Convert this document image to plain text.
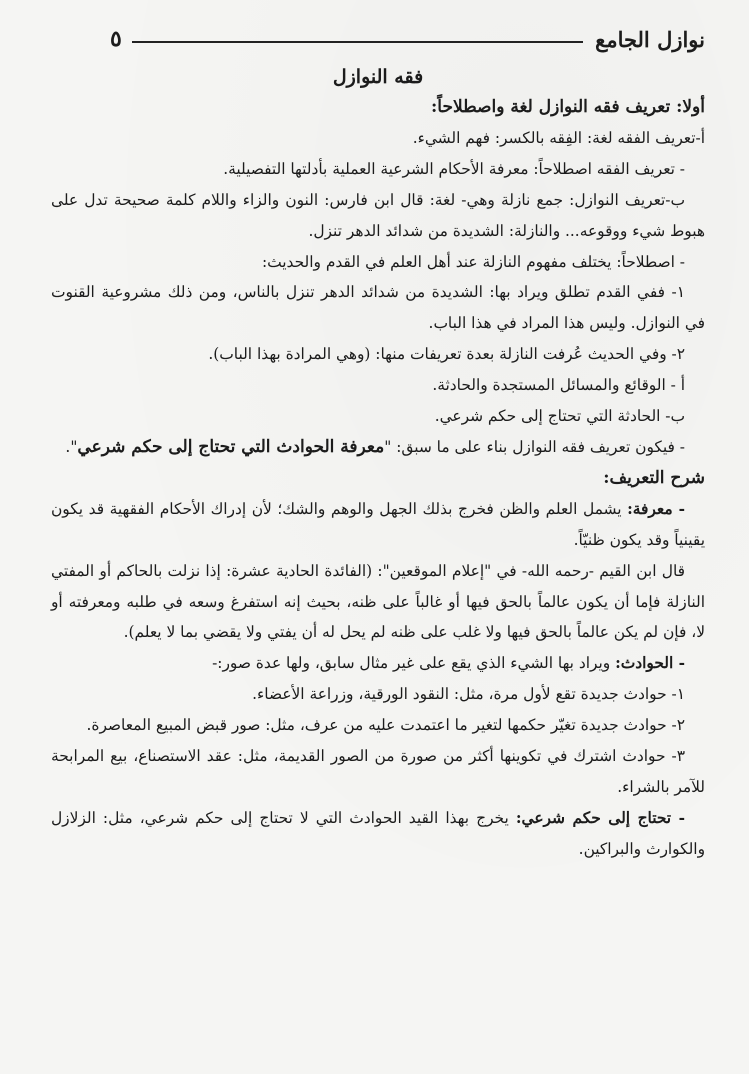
نوازل الجامع
٥

فقه النوازل

أولا: تعريف فقه النوازل لغة واصطلاحاً:

أ-تعريف الفقه لغة: الفِقه بالكسر: فهم الشيء.

- تعريف الفقه اصطلاحاً: معرفة الأحكام الشرعية العملية بأدلتها التفصيلية.

ب-تعريف النوازل: جمع نازلة وهي- لغة: قال ابن فارس: النون والزاء واللام كلمة صحيحة تدل على هبوط شيء ووقوعه... والنازلة: الشديدة من شدائد الدهر تنزل.

- اصطلاحاً: يختلف مفهوم النازلة عند أهل العلم في القدم والحديث:

١- ففي القدم تطلق ويراد بها: الشديدة من شدائد الدهر تنزل بالناس، ومن ذلك مشروعية القنوت في النوازل. وليس هذا المراد في هذا الباب.

٢- وفي الحديث عُرفت النازلة بعدة تعريفات منها: (وهي المرادة بهذا الباب).

أ - الوقائع والمسائل المستجدة والحادثة.

ب- الحادثة التي تحتاج إلى حكم شرعي.

- فيكون تعريف فقه النوازل بناء على ما سبق: "معرفة الحوادث التي تحتاج إلى حكم شرعي".

شرح التعريف:

- معرفة: يشمل العلم والظن فخرج بذلك الجهل والوهم والشك؛ لأن إدراك الأحكام الفقهية قد يكون يقينياً وقد يكون ظنيّاً.

قال ابن القيم -رحمه الله- في "إعلام الموقعين": (الفائدة الحادية عشرة: إذا نزلت بالحاكم أو المفتي النازلة فإما أن يكون عالماً بالحق فيها أو غالباً على ظنه، بحيث إنه استفرغ وسعه في طلبه ومعرفته أو لا، فإن لم يكن عالماً بالحق فيها ولا غلب على ظنه لم يحل له أن يفتي ولا يقضي بما لا يعلم).

- الحوادث: ويراد بها الشيء الذي يقع على غير مثال سابق، ولها عدة صور:-

١- حوادث جديدة تقع لأول مرة، مثل: النقود الورقية، وزراعة الأعضاء.

٢- حوادث جديدة تغيّر حكمها لتغير ما اعتمدت عليه من عرف، مثل: صور قبض المبيع المعاصرة.

٣- حوادث اشترك في تكوينها أكثر من صورة من الصور القديمة، مثل: عقد الاستصناع، بيع المرابحة للآمر بالشراء.

- تحتاج إلى حكم شرعي: يخرج بهذا القيد الحوادث التي لا تحتاج إلى حكم شرعي، مثل: الزلازل والكوارث والبراكين.
